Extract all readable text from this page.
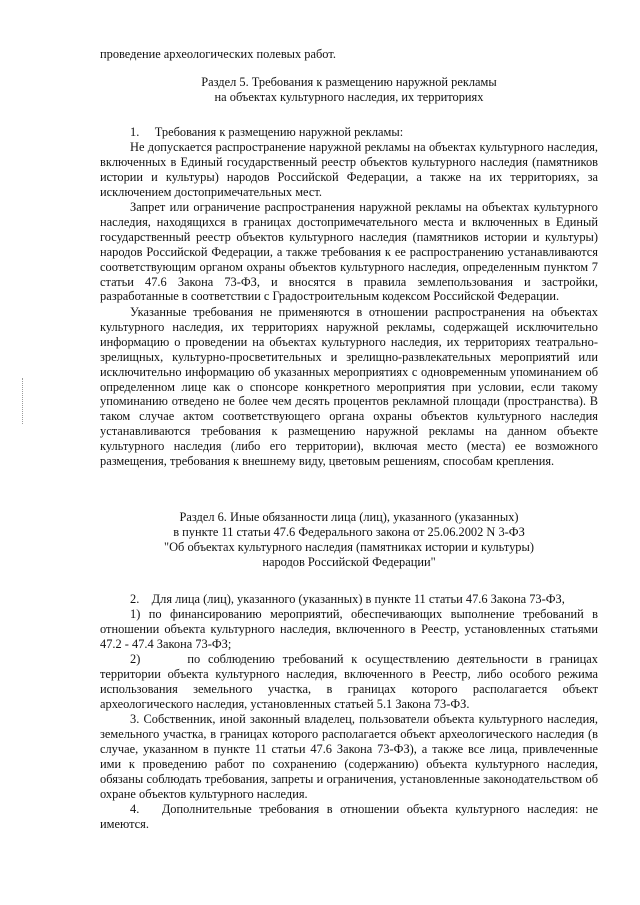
проведение археологических полевых работ.

Раздел 5. Требования к размещению наружной рекламы

на объектах культурного наследия, их территориях

1.     Требования к размещению наружной рекламы:

Не допускается распространение наружной рекламы на объектах культурного наследия, включенных в Единый государственный реестр объектов культурного наследия (памятников истории и культуры) народов Российской Федерации, а также на их территориях, за исключением достопримечательных мест.

Запрет или ограничение распространения наружной рекламы на объектах культурного наследия, находящихся в границах достопримечательного места и включенных в Единый государственный реестр объектов культурного наследия (памятников истории и культуры) народов Российской Федерации, а также требования к ее распространению устанавливаются соответствующим органом охраны объектов культурного наследия, определенным пунктом 7 статьи 47.6 Закона 73-ФЗ, и вносятся в правила землепользования и застройки, разработанные в соответствии с Градостроительным кодексом Российской Федерации.

Указанные требования не применяются в отношении распространения на объектах культурного наследия, их территориях наружной рекламы, содержащей исключительно информацию о проведении на объектах культурного наследия, их территориях театрально-зрелищных, культурно-просветительных и зрелищно-развлекательных мероприятий или исключительно информацию об указанных мероприятиях с одновременным упоминанием об определенном лице как о спонсоре конкретного мероприятия при условии, если такому упоминанию отведено не более чем десять процентов рекламной площади (пространства). В таком случае актом соответствующего органа охраны объектов культурного наследия устанавливаются требования к размещению наружной рекламы на данном объекте культурного наследия (либо его территории), включая место (места) ее возможного размещения, требования к внешнему виду, цветовым решениям, способам крепления.

Раздел 6. Иные обязанности лица (лиц), указанного (указанных)

в пункте 11 статьи 47.6 Федерального закона от 25.06.2002 N 3-ФЗ

"Об объектах культурного наследия (памятниках истории и культуры)

народов Российской Федерации"

2.    Для лица (лиц), указанного (указанных) в пункте 11 статьи 47.6 Закона 73-ФЗ,

1) по финансированию мероприятий, обеспечивающих выполнение требований в отношении объекта культурного наследия, включенного в Реестр, установленных статьями 47.2 - 47.4 Закона 73-ФЗ;

2)      по соблюдению требований к осуществлению деятельности в границах территории объекта культурного наследия, включенного в Реестр, либо особого режима использования земельного участка, в границах которого располагается объект археологического наследия, установленных статьей 5.1 Закона 73-ФЗ.

3. Собственник, иной законный владелец, пользователи объекта культурного наследия, земельного участка, в границах которого располагается объект археологического наследия (в случае, указанном в пункте 11 статьи 47.6 Закона 73-ФЗ), а также все лица, привлеченные ими к проведению работ по сохранению (содержанию) объекта культурного наследия, обязаны соблюдать требования, запреты и ограничения, установленные законодательством об охране объектов культурного наследия.

4.   Дополнительные требования в отношении объекта культурного наследия: не имеются.
